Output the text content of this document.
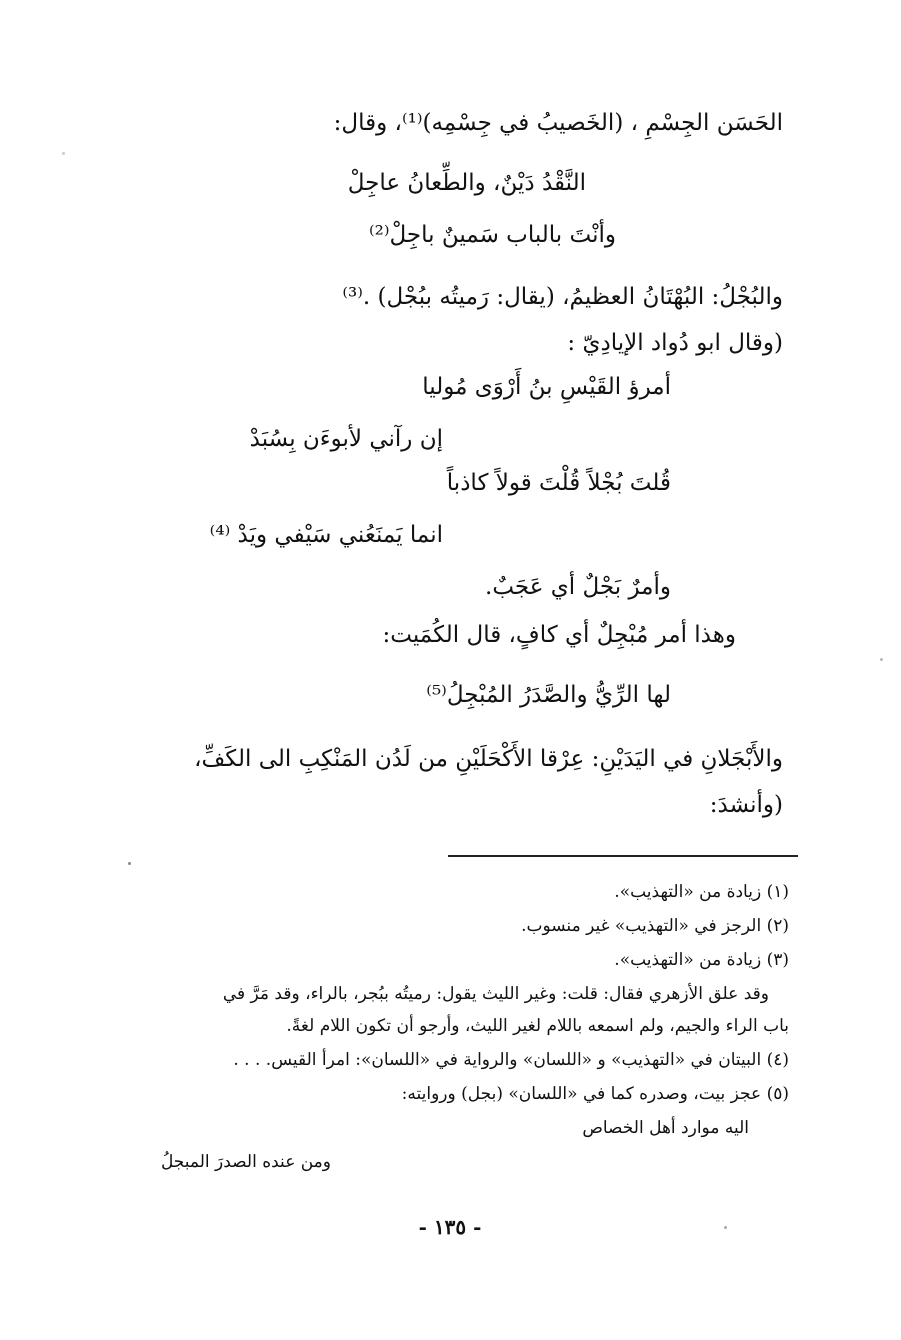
الحَسَن الجِسْمِ ، (الخَصيبُ في جِسْمِه)⁽¹⁾، وقال:
النَّقْدُ دَيْنٌ، والطِّعانُ عاجِلْ
وأنْتَ بالباب سَمينٌ باجِلْ⁽²⁾
والبُجْلُ: البُهْتَانُ العظيمُ، (يقال: رَميتُه ببُجْل) .⁽³⁾
(وقال ابو دُواد الإيادِيّ :
أمرؤ القَيْسِ بنُ أَرْوَى مُوليا
إن رآني لأبوءَن بِسُبَدْ
قُلتَ بُجْلاً قُلْتَ قولاً كاذباً
انما يَمنَعُني سَيْفي ويَدْ ⁽⁴⁾
وأمرٌ بَجْلٌ أي عَجَبٌ.
وهذا أمر مُبْجِلٌ أي كافٍ، قال الكُمَيت:
لها الرِّيُّ والصَّدَرُ المُبْجِلُ⁽⁵⁾
والأَبْجَلانِ في اليَدَيْنِ: عِرْقا الأَكْحَلَيْنِ من لَدُن المَنْكِبِ الى الكَفِّ،
(وأنشدَ:
(١) زيادة من «التهذيب».
(٢) الرجز في «التهذيب» غير منسوب.
(٣) زيادة من «التهذيب».
وقد علق الأزهري فقال: قلت: وغير الليث يقول: رميتُه ببُجر، بالراء، وقد مَرَّ في
باب الراء والجيم، ولم اسمعه باللام لغير الليث، وأرجو أن تكون اللام لغةً.
(٤) البيتان في «التهذيب» و «اللسان» والرواية في «اللسان»: امرأ القيس. . . .
(٥) عجز بيت، وصدره كما في «اللسان» (بجل) وروايته:
اليه موارد أهل الخصاص
ومن عنده الصدرَ المبجلُ
- ١٣٥ -
